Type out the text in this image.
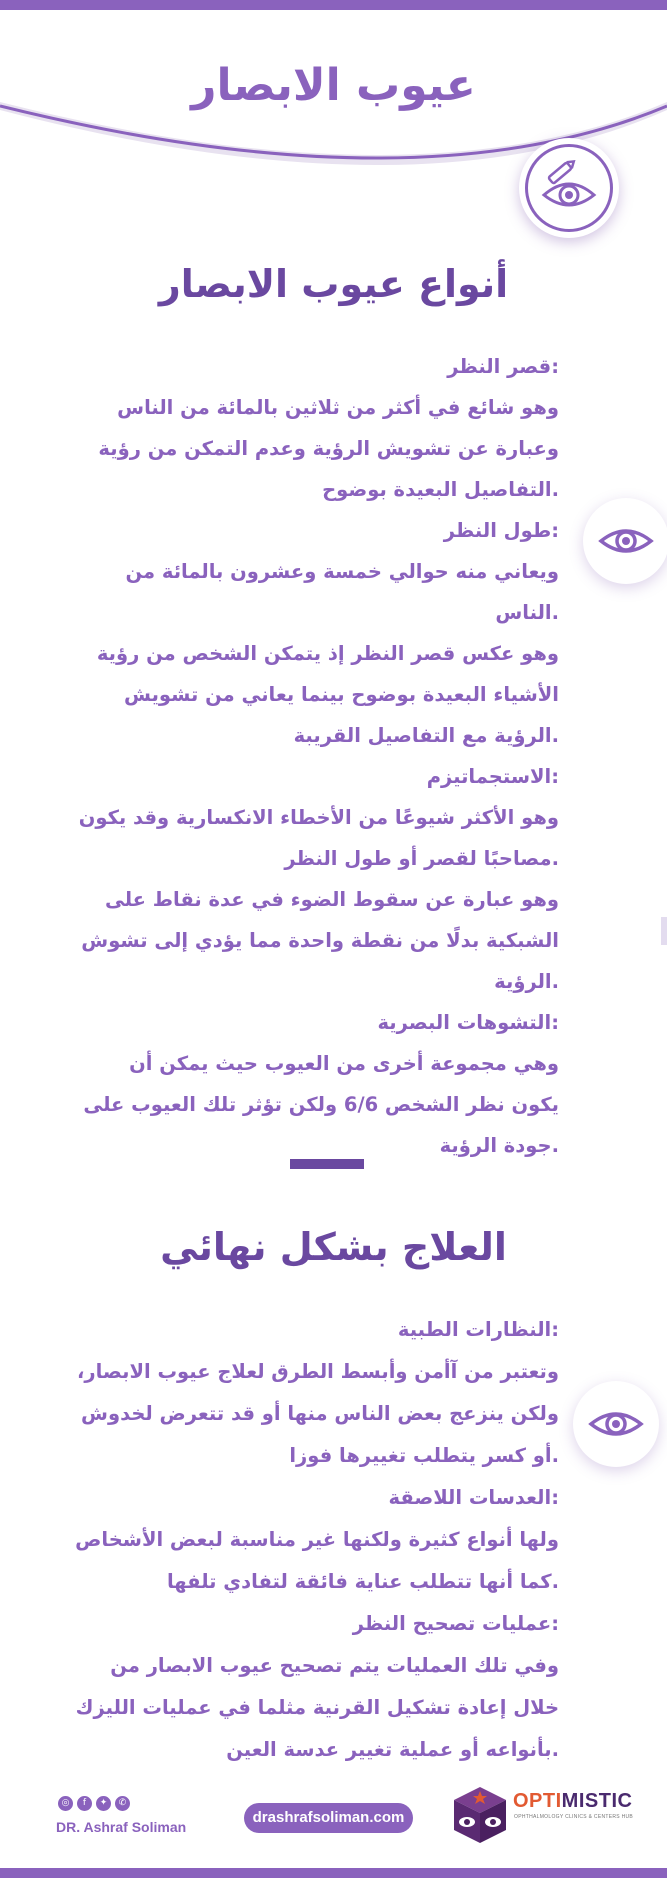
عيوب الابصار
أنواع عيوب الابصار
:قصر النظر
وهو شائع في أكثر من ثلاثين بالمائة من الناس
وعبارة عن تشويش الرؤية وعدم التمكن من رؤية
.التفاصيل البعيدة بوضوح
:طول النظر
ويعاني منه حوالي خمسة وعشرون بالمائة من
.الناس
وهو عكس قصر النظر إذ يتمكن الشخص من رؤية
الأشياء البعيدة بوضوح بينما يعاني من تشويش
.الرؤية مع التفاصيل القريبة
:الاستجماتيزم
وهو الأكثر شيوعًا من الأخطاء الانكسارية وقد يكون
.مصاحبًا لقصر أو طول النظر
وهو عبارة عن سقوط الضوء في عدة نقاط على
الشبكية بدلًا من نقطة واحدة مما يؤدي إلى تشوش
.الرؤية
:التشوهات البصرية
وهي مجموعة أخرى من العيوب حيث يمكن أن
يكون نظر الشخص 6/6 ولكن تؤثر تلك العيوب على
.جودة الرؤية
العلاج بشكل نهائي
:النظارات الطبية
وتعتبر من آأمن وأبسط الطرق لعلاج عيوب الابصار،
ولكن ينزعج بعض الناس منها أو قد تتعرض لخدوش
.أو كسر يتطلب تغييرها فوزا
:العدسات اللاصقة
ولها أنواع كثيرة ولكنها غير مناسبة لبعض الأشخاص
.كما أنها تتطلب عناية فائقة لتفادي تلفها
:عمليات تصحيح النظر
وفي تلك العمليات يتم تصحيح عيوب الابصار من
خلال إعادة تشكيل القرنية مثلما في عمليات الليزك
.بأنواعه أو عملية تغيير عدسة العين
◎	f	✦	✆
DR. Ashraf Soliman
drashrafsoliman.com
OPTIMISTIC
OPHTHALMOLOGY CLINICS & CENTERS HUB
